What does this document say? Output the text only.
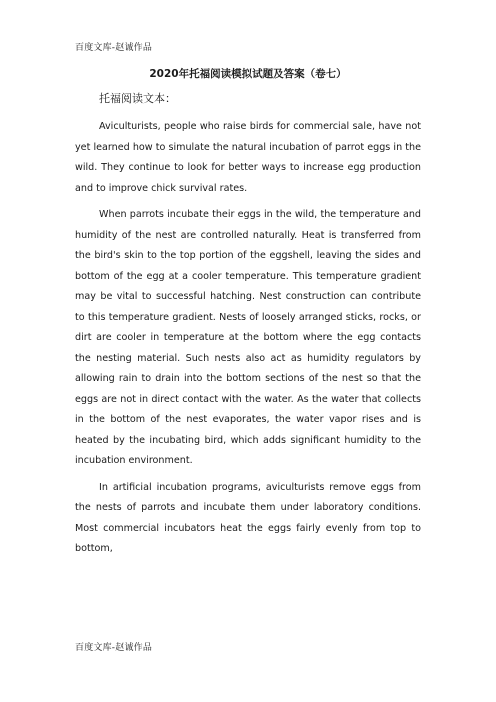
百度文库-赵诚作品
2020年托福阅读模拟试题及答案（卷七）
托福阅读文本：

Aviculturists, people who raise birds for commercial sale, have not yet learned how to simulate the natural incubation of parrot eggs in the wild. They continue to look for better ways to increase egg production and to improve chick survival rates.

When parrots incubate their eggs in the wild, the temperature and humidity of the nest are controlled naturally. Heat is transferred from the bird's skin to the top portion of the eggshell, leaving the sides and bottom of the egg at a cooler temperature. This temperature gradient may be vital to successful hatching. Nest construction can contribute to this temperature gradient. Nests of loosely arranged sticks, rocks, or dirt are cooler in temperature at the bottom where the egg contacts the nesting material. Such nests also act as humidity regulators by allowing rain to drain into the bottom sections of the nest so that the eggs are not in direct contact with the water. As the water that collects in the bottom of the nest evaporates, the water vapor rises and is heated by the incubating bird, which adds significant humidity to the incubation environment.

In artificial incubation programs, aviculturists remove eggs from the nests of parrots and incubate them under laboratory conditions. Most commercial incubators heat the eggs fairly evenly from top to bottom,

百度文库-赵诚作品
